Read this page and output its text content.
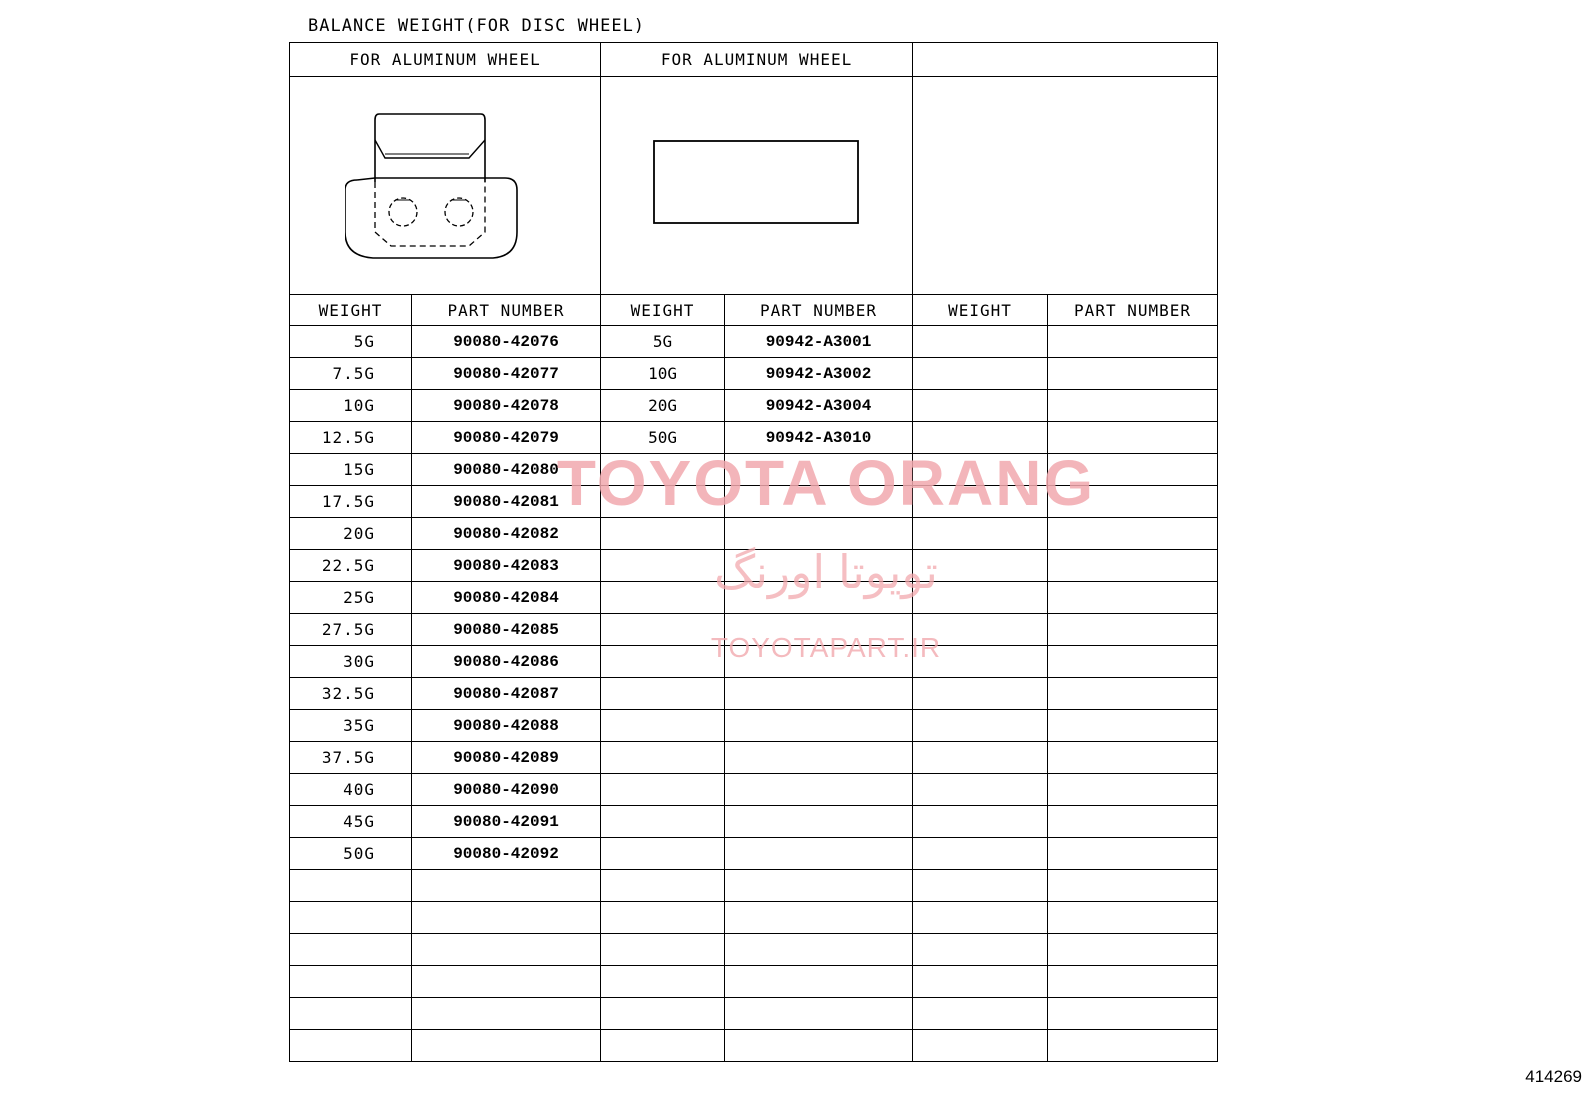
BALANCE WEIGHT(FOR DISC WHEEL)
FOR ALUMINUM WHEEL		FOR ALUMINUM WHEEL			

WEIGHT	PART NUMBER	WEIGHT	PART NUMBER	WEIGHT	PART NUMBER
5G	90080-42076	5G	90942-A3001		
7.5G	90080-42077	10G	90942-A3002		
10G	90080-42078	20G	90942-A3004		
12.5G	90080-42079	50G	90942-A3010		
15G	90080-42080				
17.5G	90080-42081				
20G	90080-42082				
22.5G	90080-42083				
25G	90080-42084				
27.5G	90080-42085				
30G	90080-42086				
32.5G	90080-42087				
35G	90080-42088				
37.5G	90080-42089				
40G	90080-42090				
45G	90080-42091				
50G	90080-42092				

TOYOTA ORANG
تویوتا اورنگ
TOYOTAPART.IR
414269
